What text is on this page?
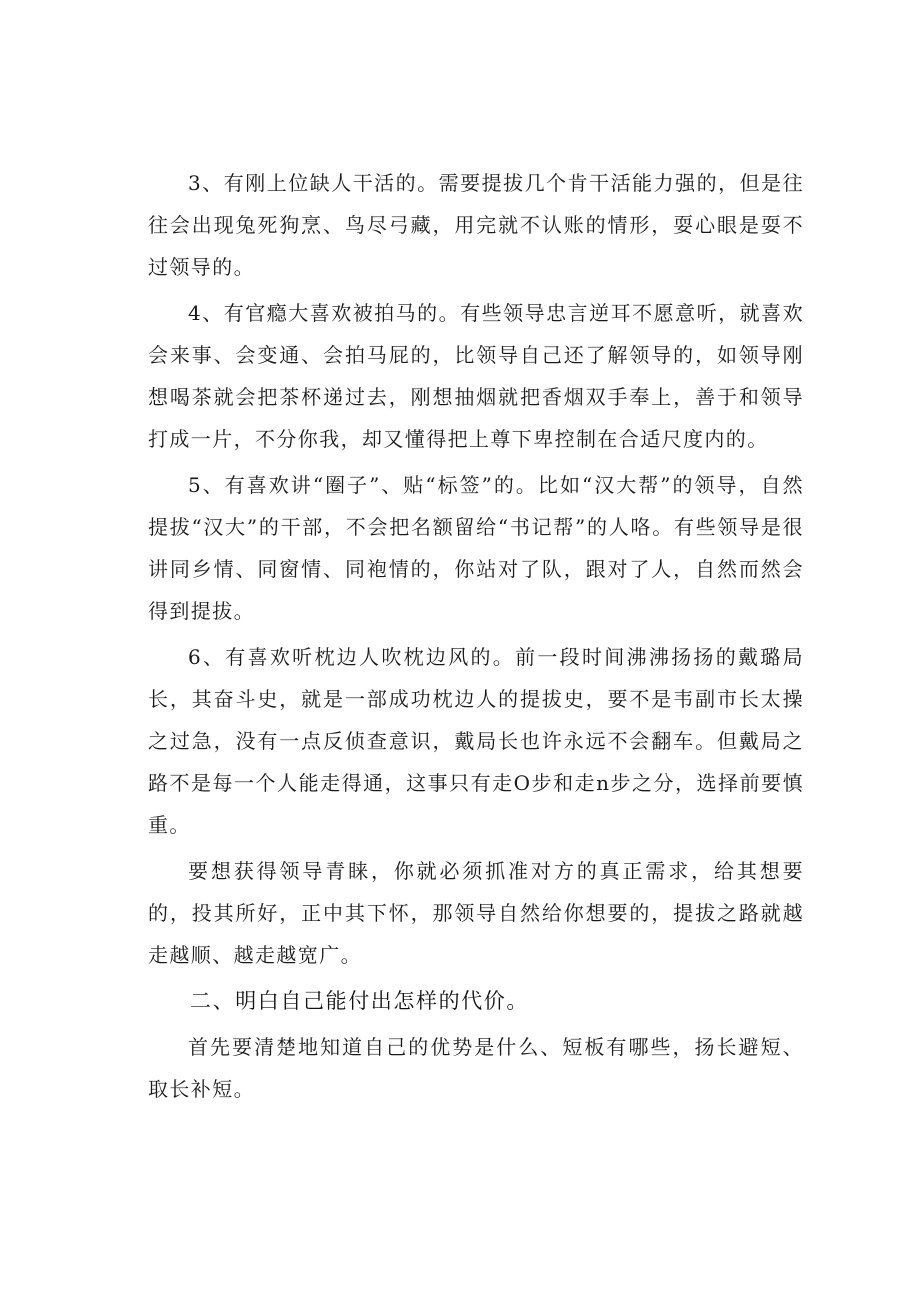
3、有刚上位缺人干活的。需要提拔几个肯干活能力强的，但是往往会出现兔死狗烹、鸟尽弓藏，用完就不认账的情形，耍心眼是耍不过领导的。

4、有官瘾大喜欢被拍马的。有些领导忠言逆耳不愿意听，就喜欢会来事、会变通、会拍马屁的，比领导自己还了解领导的，如领导刚想喝茶就会把茶杯递过去，刚想抽烟就把香烟双手奉上，善于和领导打成一片，不分你我，却又懂得把上尊下卑控制在合适尺度内的。

5、有喜欢讲“圈子”、贴“标签”的。比如“汉大帮”的领导，自然提拔“汉大”的干部，不会把名额留给“书记帮”的人咯。有些领导是很讲同乡情、同窗情、同袍情的，你站对了队，跟对了人，自然而然会得到提拔。

6、有喜欢听枕边人吹枕边风的。前一段时间沸沸扬扬的戴璐局长，其奋斗史，就是一部成功枕边人的提拔史，要不是韦副市长太操之过急，没有一点反侦查意识，戴局长也许永远不会翻车。但戴局之路不是每一个人能走得通，这事只有走O步和走n步之分，选择前要慎重。

要想获得领导青睐，你就必须抓准对方的真正需求，给其想要的，投其所好，正中其下怀，那领导自然给你想要的，提拔之路就越走越顺、越走越宽广。

二、明白自己能付出怎样的代价。

首先要清楚地知道自己的优势是什么、短板有哪些，扬长避短、取长补短。
